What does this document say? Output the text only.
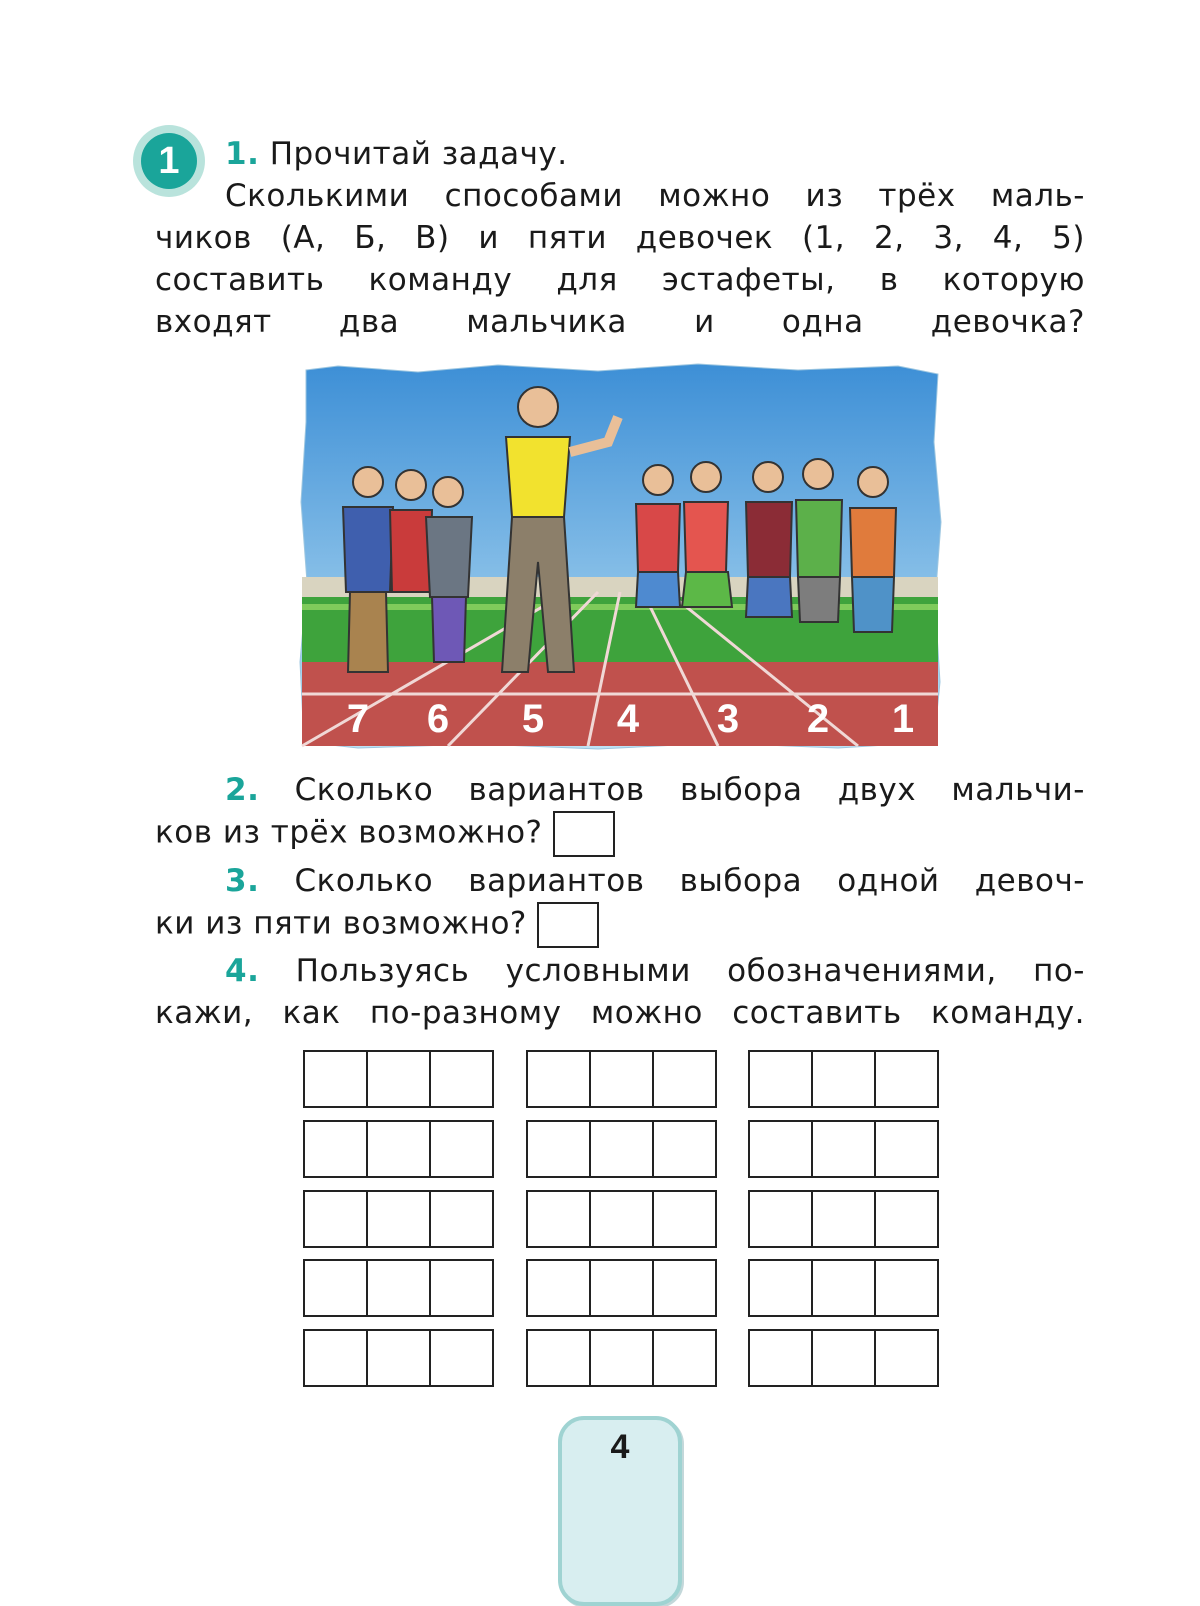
1	1. Прочитай задачу.
Сколькими способами можно из трёх маль-
чиков (А, Б, В) и пяти девочек (1, 2, 3, 4, 5)
составить команду для эстафеты, в которую
входят два мальчика и одна девочка?
7 6 5 4 3 2 1
2. Сколько вариантов выбора двух мальчи-
ков из трёх возможно?
3. Сколько вариантов выбора одной девоч-
ки из пяти возможно?
4. Пользуясь условными обозначениями, по-
кажи, как по-разному можно составить команду.
4
